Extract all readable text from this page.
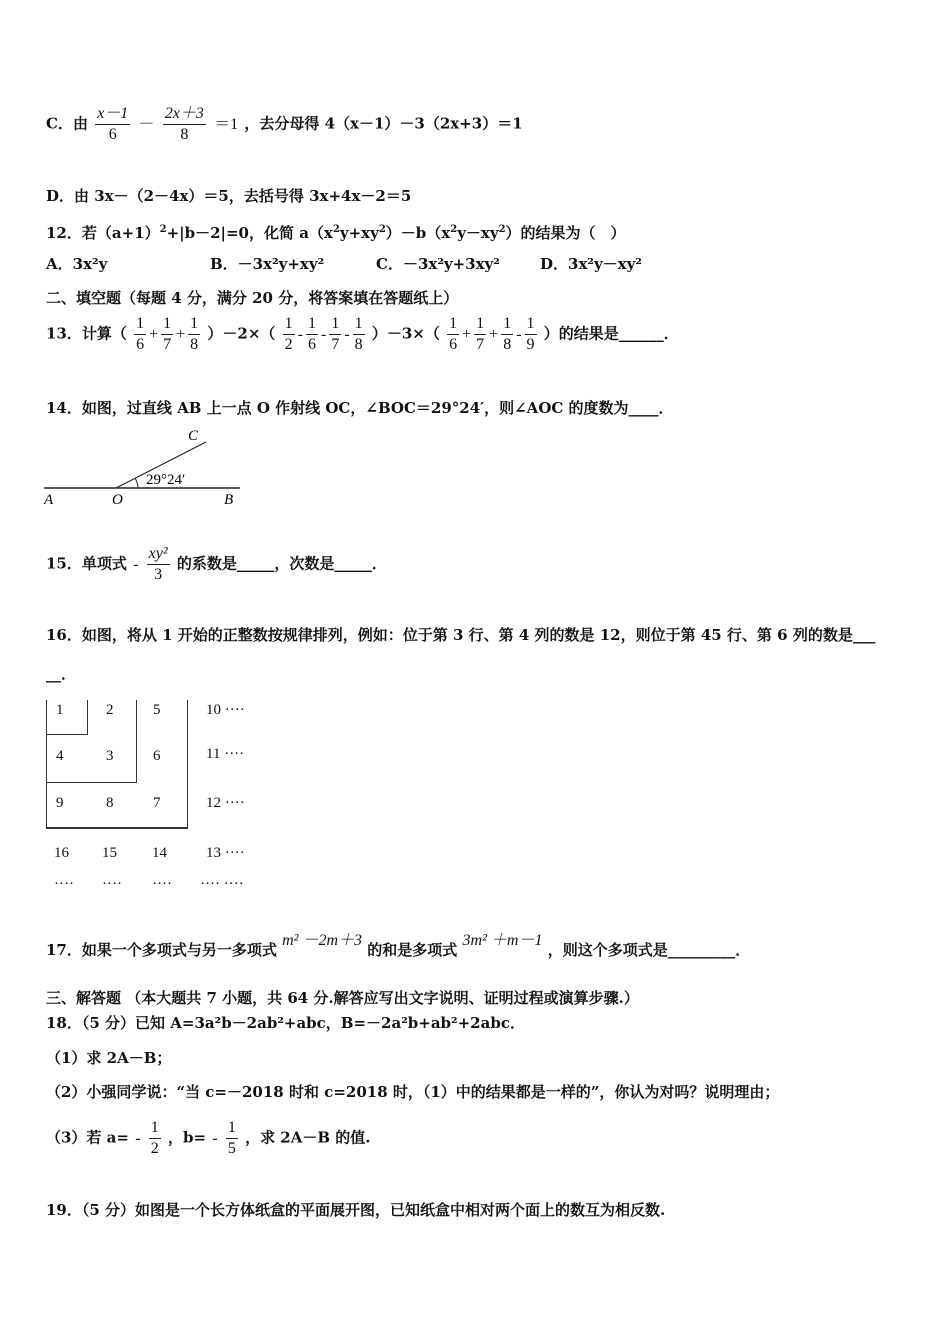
C．由 $\frac{x-1}{6} - \frac{2x+3}{8} =1$ ，去分母得 4（x－1）－3（2x+3）＝1
D．由 3x－（2－4x）＝5，去括号得 3x+4x－2＝5
12．若$(a+1)^2+|b-2|=0$，化简 $a(x^2y+xy^2)-b(x^2y-xy^2)$的结果为（　）
A．3x²y	B．－3x²y+xy²	C．－3x²y+3xy²	D．3x²y－xy²
二、填空题（每题 4 分，满分 20 分，将答案填在答题纸上）
13．计算（ $\frac{1}{6} + \frac{1}{7} + \frac{1}{8} )-2\times( \frac{1}{2} - \frac{1}{6} - \frac{1}{7} - \frac{1}{8} )-3\times( \frac{1}{6} + \frac{1}{7} + \frac{1}{8} - \frac{1}{9}$ ）的结果是______．
14．如图，过直线 AB 上一点 O 作射线 OC，∠BOC＝29°24′，则∠AOC 的度数为____．
C
29°24′
A	O	B
15．单项式 - $\frac{\text{xy²}}{3}$ 的系数是_____，次数是_____．
16．如图，将从 1 开始的正整数按规律排列，例如：位于第 3 行、第 4 列的数是 12，则位于第 45 行、第 6 列的数是___
__．
1	2	5	10 ····
4	3	6	11 ····
9	8	7	12 ····
16 15 14	13 ····
···· ···· ···· ···· ····
17．如果一个多项式与另一多项式 m² －2m＋3 的和是多项式 3m² ＋m－1 ，则这个多项式是_________．
三、解答题 （本大题共 7 小题，共 64 分.解答应写出文字说明、证明过程或演算步骤.）
18．（5 分）已知 A=3a²b－2ab²+abc，B=－2a²b+ab²+2abc．
（1）求 2A－B；
（2）小强同学说：“当 c=－2018 时和 c=2018 时，（1）中的结果都是一样的”，你认为对吗？说明理由；
（3）若 $a= - \frac{1}{2}$ ，$b= - \frac{1}{5}$ ，求 2A－B 的值.
19．（5 分）如图是一个长方体纸盒的平面展开图，已知纸盒中相对两个面上的数互为相反数.
